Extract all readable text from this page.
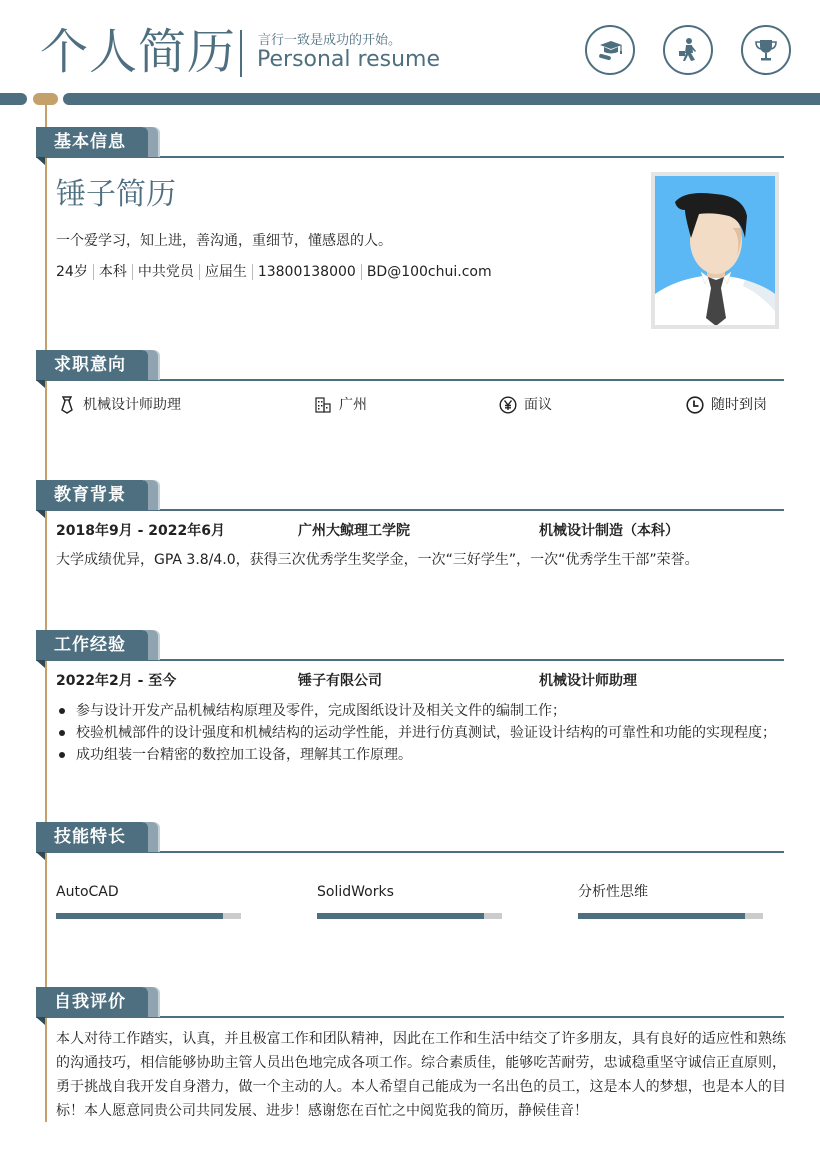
个人简历 言行一致是成功的开始。
Personal resume
基本信息
锤子简历
一个爱学习，知上进，善沟通，重细节，懂感恩的人。
24岁 本科 中共党员 应届生 13800138000 BD@100chui.com
求职意向
机械设计师助理	广州	面议	随时到岗
教育背景
2018年9月 - 2022年6月	广州大鲸理工学院	机械设计制造（本科）
大学成绩优异，GPA 3.8/4.0，获得三次优秀学生奖学金，一次“三好学生”，一次“优秀学生干部”荣誉。
工作经验
2022年2月 - 至今	锤子有限公司	机械设计师助理
参与设计开发产品机械结构原理及零件，完成图纸设计及相关文件的编制工作；
校验机械部件的设计强度和机械结构的运动学性能，并进行仿真测试，验证设计结构的可靠性和功能的实现程度；
成功组装一台精密的数控加工设备，理解其工作原理。
技能特长
AutoCAD	SolidWorks	分析性思维
自我评价
本人对待工作踏实，认真，并且极富工作和团队精神，因此在工作和生活中结交了许多朋友，具有良好的适应性和熟练的沟通技巧，相信能够协助主管人员出色地完成各项工作。综合素质佳，能够吃苦耐劳，忠诚稳重坚守诚信正直原则，勇于挑战自我开发自身潜力，做一个主动的人。本人希望自己能成为一名出色的员工，这是本人的梦想，也是本人的目标！本人愿意同贵公司共同发展、进步！感谢您在百忙之中阅览我的简历，静候佳音！
